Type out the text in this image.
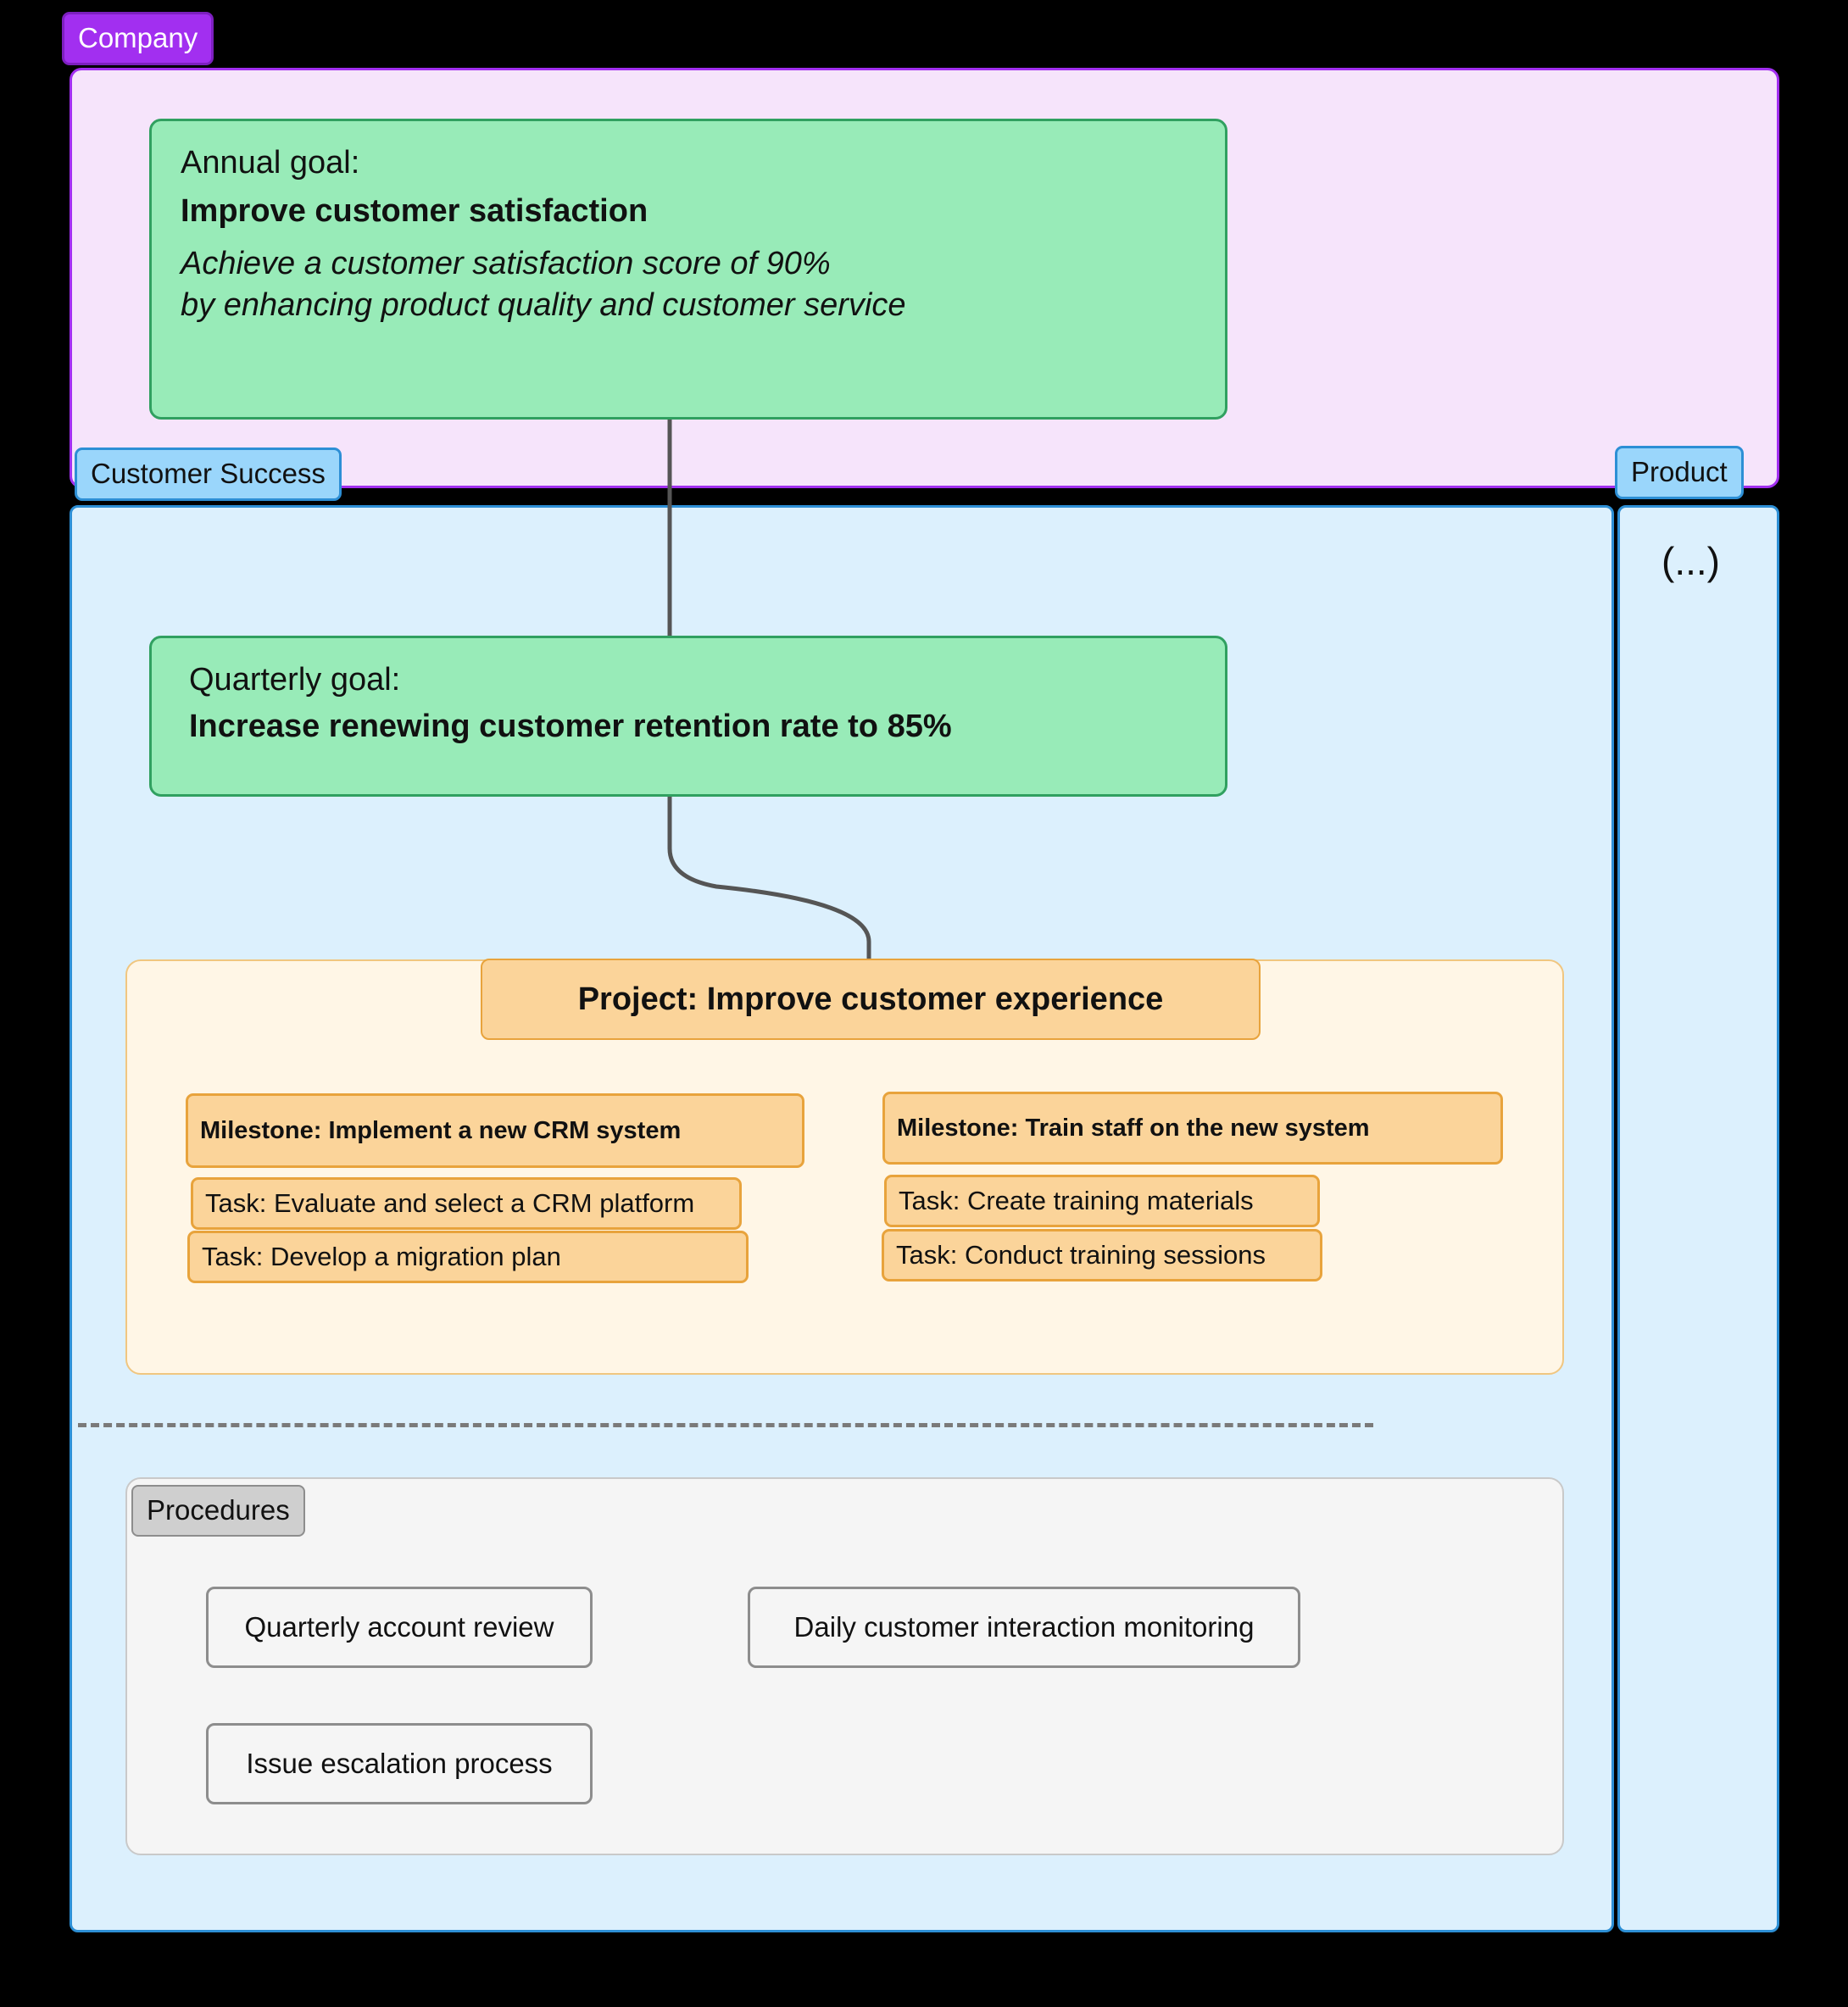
(...)
Company
Customer Success	Product
Annual goal:
Improve customer satisfaction
Achieve a customer satisfaction score of 90%
by enhancing product quality and customer service
Quarterly goal:
Increase renewing customer retention rate to 85%
Project: Improve customer experience
Milestone: Implement a new CRM system
Task: Evaluate and select a CRM platform
Task: Develop a migration plan
Milestone: Train staff on the new system
Task: Create training materials
Task: Conduct training sessions
Procedures
Quarterly account review	Daily customer interaction monitoring
Issue escalation process
